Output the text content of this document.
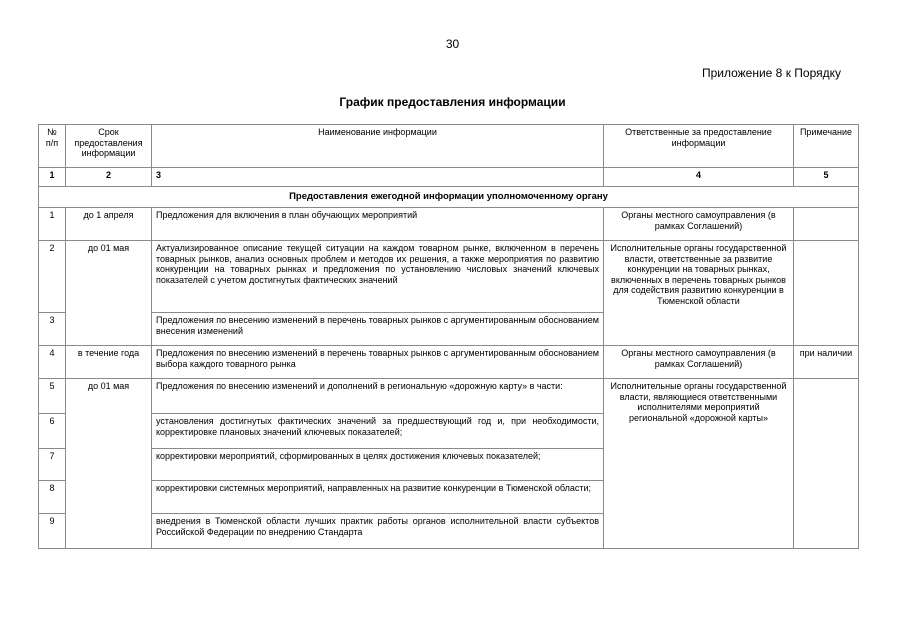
30
Приложение 8 к Порядку
График предоставления информации
№ п/п	Срок предоставления информации	Наименование информации	Ответственные за предоставление информации	Примечание
1	2	3	4	5
Предоставления ежегодной информации уполномоченному органу				
1	до 1 апреля	Предложения для включения в план обучающих мероприятий	Органы местного самоуправления (в рамках Соглашений)	
2	до 01 мая	Актуализированное описание текущей ситуации на каждом товарном рынке, включенном в перечень товарных рынков, анализ основных проблем и методов их решения, а также мероприятия по развитию конкуренции на товарных рынках и предложения по установлению числовых значений ключевых показателей с учетом достигнутых фактических значений	Исполнительные органы государственной власти, ответственные за развитие конкуренции на товарных рынках, включенных в перечень товарных рынков для содействия развитию конкуренции в Тюменской области	
3		Предложения по внесению изменений в перечень товарных рынков с аргументированным обоснованием внесения изменений		
4	в течение года	Предложения по внесению изменений в перечень товарных рынков с аргументированным обоснованием выбора каждого товарного рынка	Органы местного самоуправления (в рамках Соглашений)	при наличии
5	до 01 мая	Предложения по внесению изменений и дополнений в региональную «дорожную карту» в части:	Исполнительные органы государственной власти, являющиеся ответственными исполнителями мероприятий региональной «дорожной карты»	
6		установления достигнутых фактических значений за предшествующий год и, при необходимости, корректировке плановых значений ключевых показателей;		
7		корректировки мероприятий, сформированных в целях достижения ключевых показателей;		
8		корректировки системных мероприятий, направленных на развитие конкуренции в Тюменской области;		
9		внедрения в Тюменской области лучших практик работы органов исполнительной власти субъектов Российской Федерации по внедрению Стандарта		
